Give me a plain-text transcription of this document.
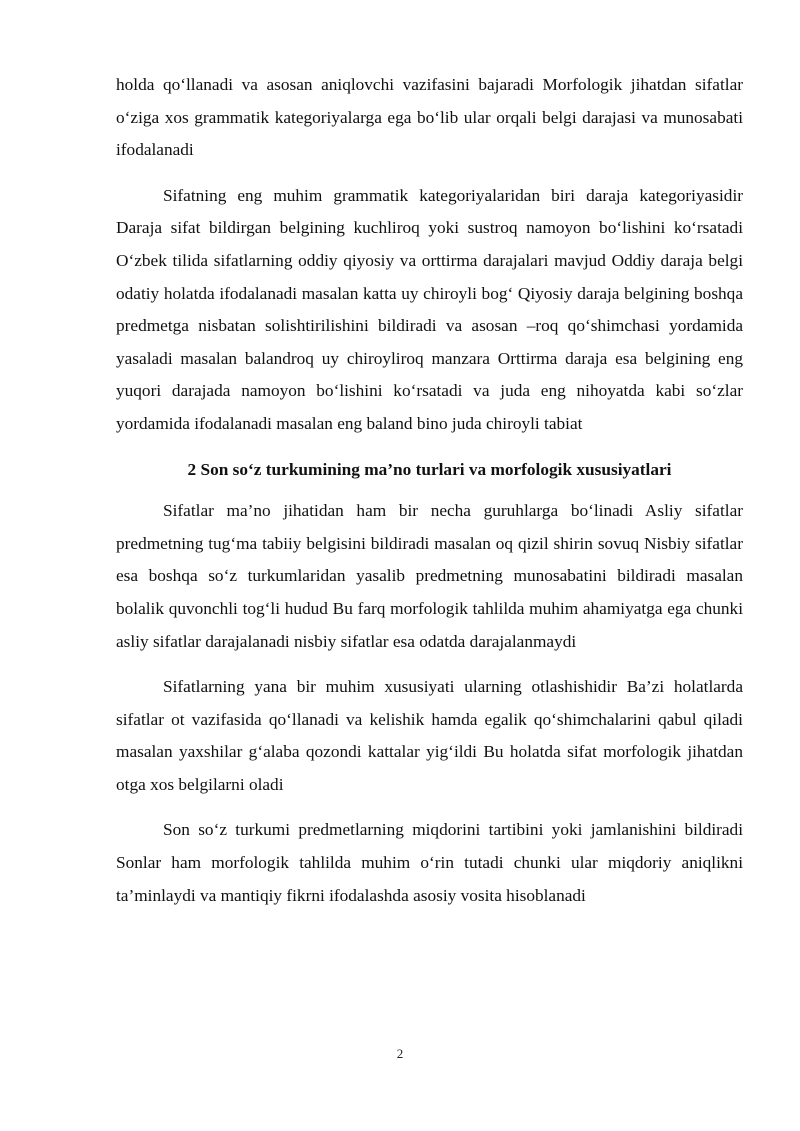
holda qo‘llanadi va asosan aniqlovchi vazifasini bajaradi Morfologik jihatdan sifatlar o‘ziga xos grammatik kategoriyalarga ega bo‘lib ular orqali belgi darajasi va munosabati ifodalanadi

Sifatning eng muhim grammatik kategoriyalaridan biri daraja kategoriyasidir Daraja sifat bildirgan belgining kuchliroq yoki sustroq namoyon bo‘lishini ko‘rsatadi O‘zbek tilida sifatlarning oddiy qiyosiy va orttirma darajalari mavjud Oddiy daraja belgi odatiy holatda ifodalanadi masalan katta uy chiroyli bog‘ Qiyosiy daraja belgining boshqa predmetga nisbatan solishtirilishini bildiradi va asosan –roq qo‘shimchasi yordamida yasaladi masalan balandroq uy chiroyliroq manzara Orttirma daraja esa belgining eng yuqori darajada namoyon bo‘lishini ko‘rsatadi va juda eng nihoyatda kabi so‘zlar yordamida ifodalanadi masalan eng baland bino juda chiroyli tabiat

2 Son so‘z turkumining ma’no turlari va morfologik xususiyatlari

Sifatlar ma’no jihatidan ham bir necha guruhlarga bo‘linadi Asliy sifatlar predmetning tug‘ma tabiiy belgisini bildiradi masalan oq qizil shirin sovuq Nisbiy sifatlar esa boshqa so‘z turkumlaridan yasalib predmetning munosabatini bildiradi masalan bolalik quvonchli tog‘li hudud Bu farq morfologik tahlilda muhim ahamiyatga ega chunki asliy sifatlar darajalanadi nisbiy sifatlar esa odatda darajalanmaydi

Sifatlarning yana bir muhim xususiyati ularning otlashishidir Ba’zi holatlarda sifatlar ot vazifasida qo‘llanadi va kelishik hamda egalik qo‘shimchalarini qabul qiladi masalan yaxshilar g‘alaba qozondi kattalar yig‘ildi Bu holatda sifat morfologik jihatdan otga xos belgilarni oladi

Son so‘z turkumi predmetlarning miqdorini tartibini yoki jamlanishini bildiradi Sonlar ham morfologik tahlilda muhim o‘rin tutadi chunki ular miqdoriy aniqlikni ta’minlaydi va mantiqiy fikrni ifodalashda asosiy vosita hisoblanadi

2
